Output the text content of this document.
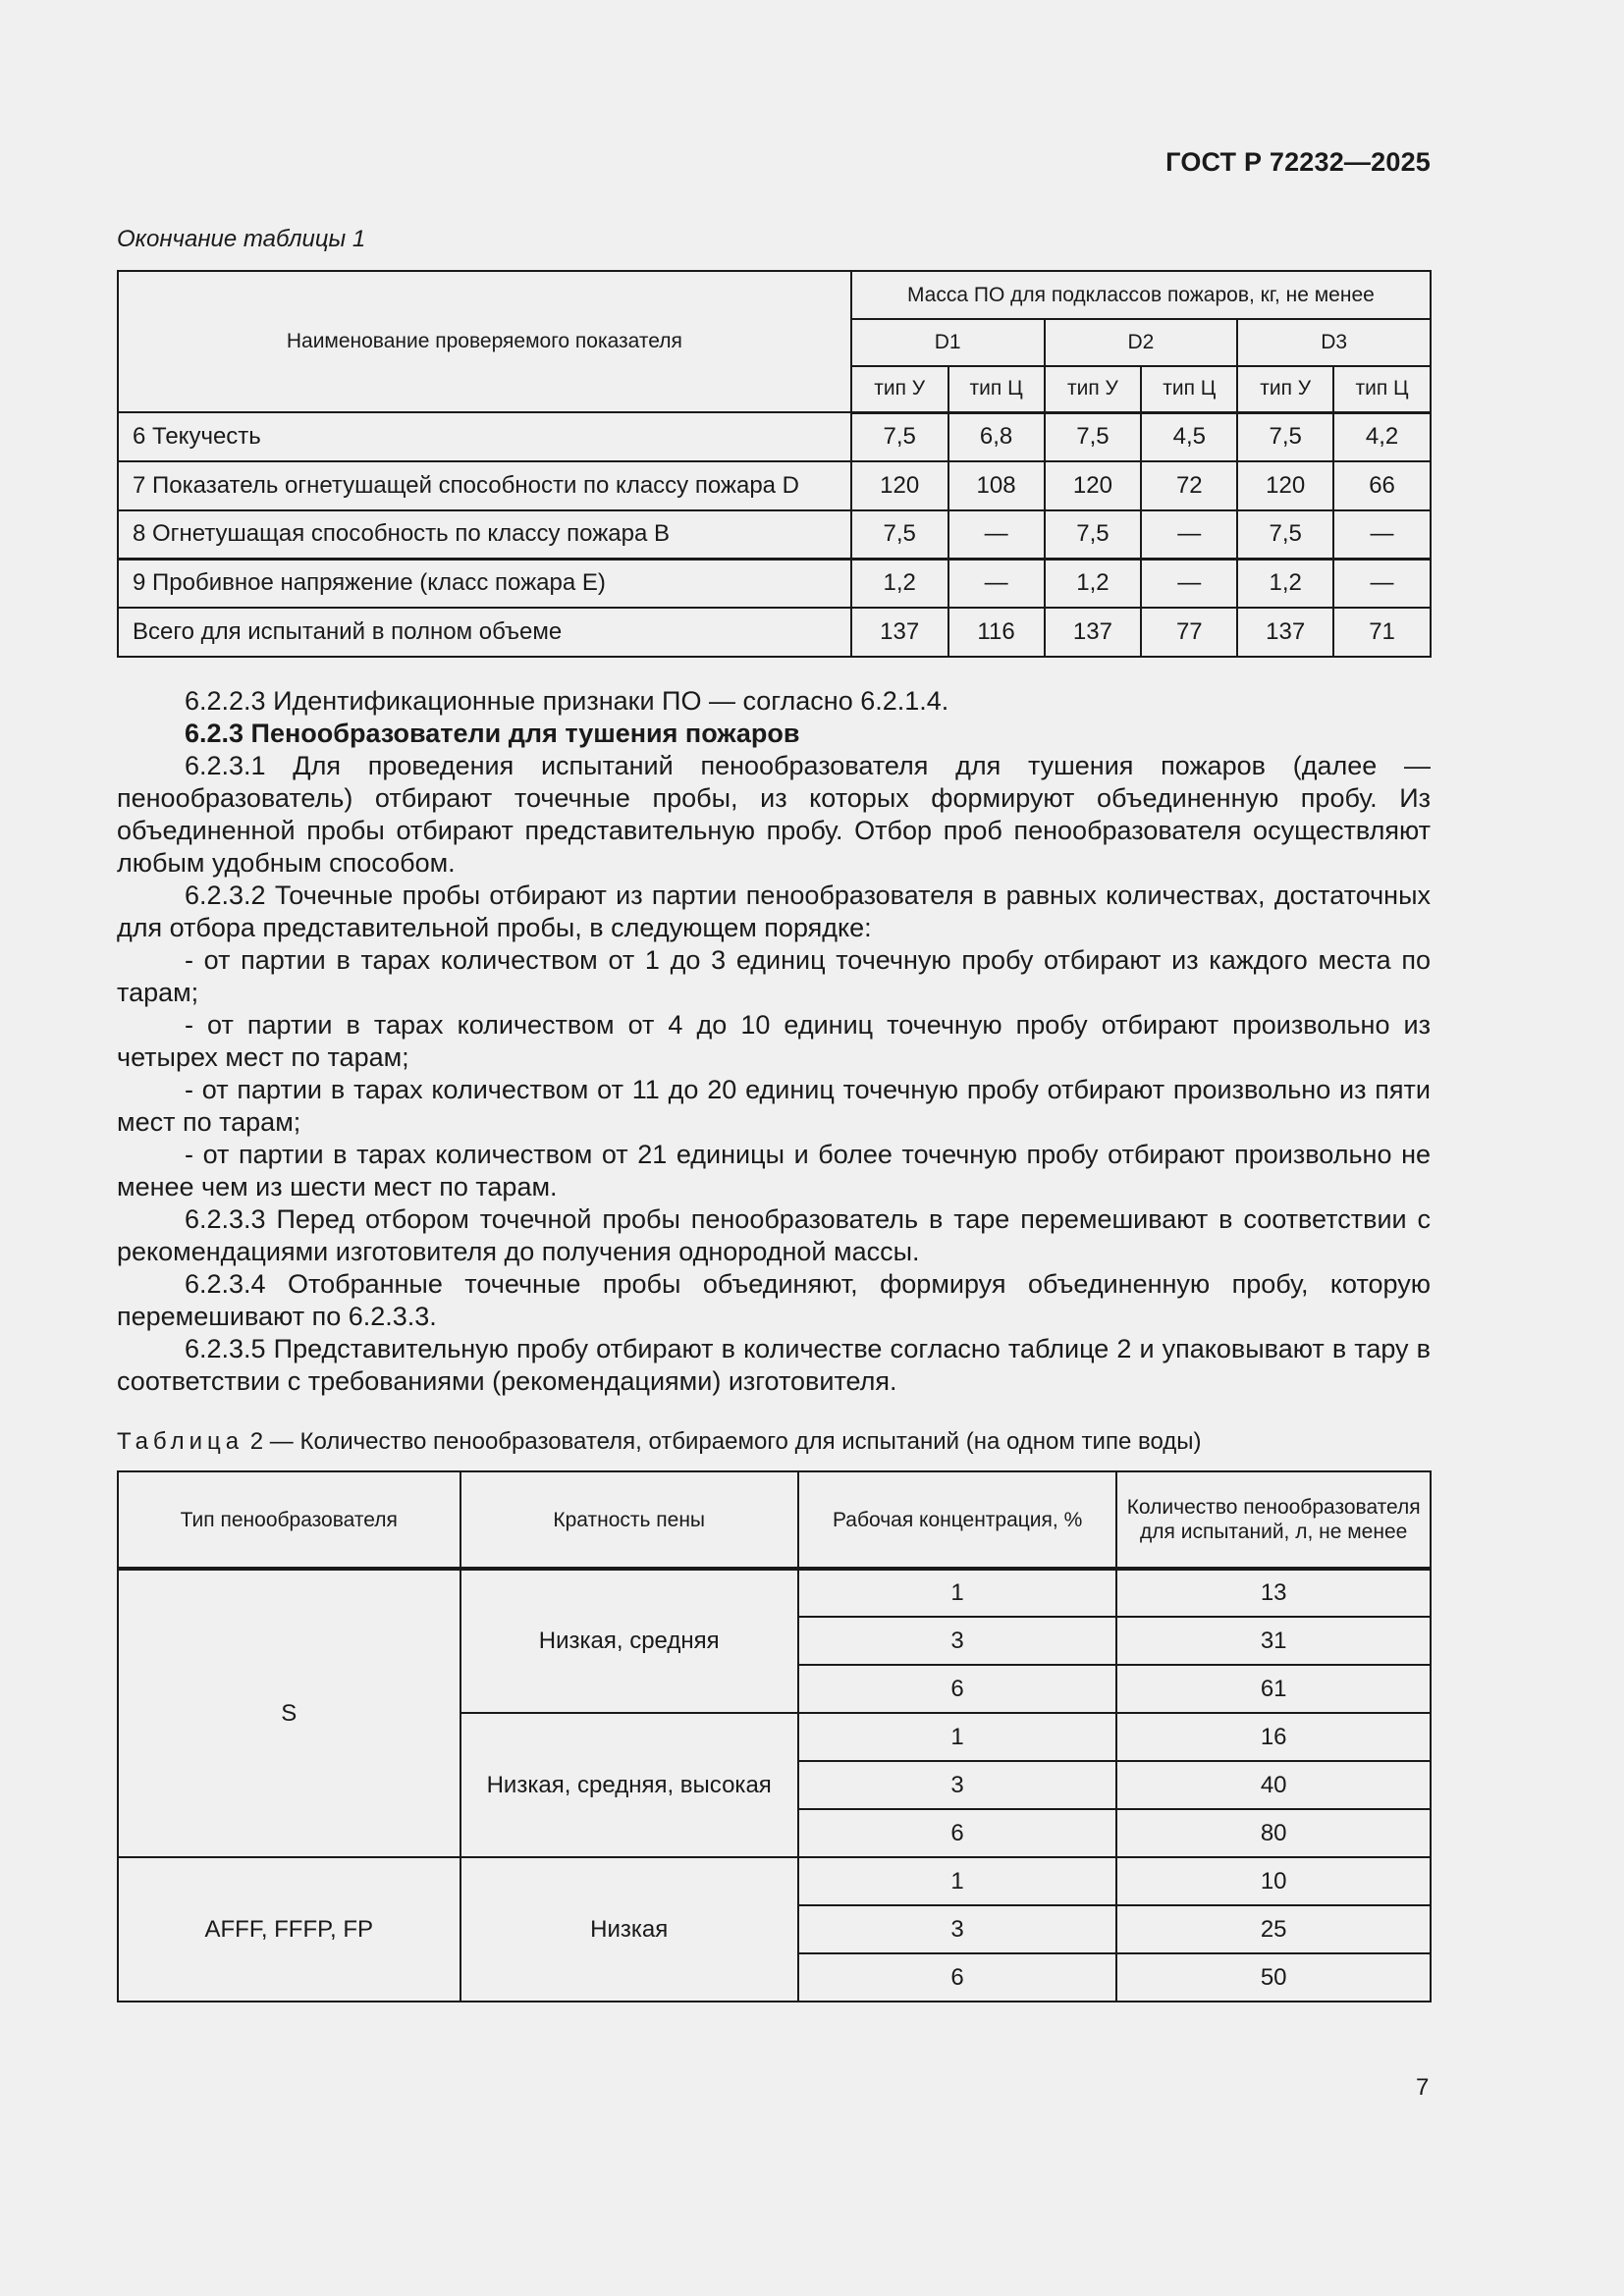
ГОСТ Р 72232—2025
Окончание таблицы 1
Наименование проверяемого показателя	Масса ПО для подклассов пожаров, кг, не менее					
	D1		D2		D3	
	тип У	тип Ц	тип У	тип Ц	тип У	тип Ц
6 Текучесть	7,5	6,8	7,5	4,5	7,5	4,2
7 Показатель огнетушащей способности по классу пожара D	120	108	120	72	120	66
8 Огнетушащая способность по классу пожара В	7,5	—	7,5	—	7,5	—
9 Пробивное напряжение (класс пожара Е)	1,2	—	1,2	—	1,2	—
Всего для испытаний в полном объеме	137	116	137	77	137	71

6.2.2.3 Идентификационные признаки ПО — согласно 6.2.1.4.

6.2.3 Пенообразователи для тушения пожаров

6.2.3.1 Для проведения испытаний пенообразователя для тушения пожаров (далее — пенообразователь) отбирают точечные пробы, из которых формируют объединенную пробу. Из объединенной пробы отбирают представительную пробу. Отбор проб пенообразователя осуществляют любым удобным способом.

6.2.3.2 Точечные пробы отбирают из партии пенообразователя в равных количествах, достаточных для отбора представительной пробы, в следующем порядке:

- от партии в тарах количеством от 1 до 3 единиц точечную пробу отбирают из каждого места по тарам;

- от партии в тарах количеством от 4 до 10 единиц точечную пробу отбирают произвольно из четырех мест по тарам;

- от партии в тарах количеством от 11 до 20 единиц точечную пробу отбирают произвольно из пяти мест по тарам;

- от партии в тарах количеством от 21 единицы и более точечную пробу отбирают произвольно не менее чем из шести мест по тарам.

6.2.3.3 Перед отбором точечной пробы пенообразователь в таре перемешивают в соответствии с рекомендациями изготовителя до получения однородной массы.

6.2.3.4 Отобранные точечные пробы объединяют, формируя объединенную пробу, которую перемешивают по 6.2.3.3.

6.2.3.5 Представительную пробу отбирают в количестве согласно таблице 2 и упаковывают в тару в соответствии с требованиями (рекомендациями) изготовителя.

Таблица 2 — Количество пенообразователя, отбираемого для испытаний (на одном типе воды)
Тип пенообразователя	Кратность пены	Рабочая концентрация, %	Количество пенообразователя для испытаний, л, не менее
S	Низкая, средняя	1	13
		3	31
		6	61
	Низкая, средняя, высокая	1	16
		3	40
		6	80
AFFF, FFFP, FP	Низкая	1	10
		3	25
		6	50
7
